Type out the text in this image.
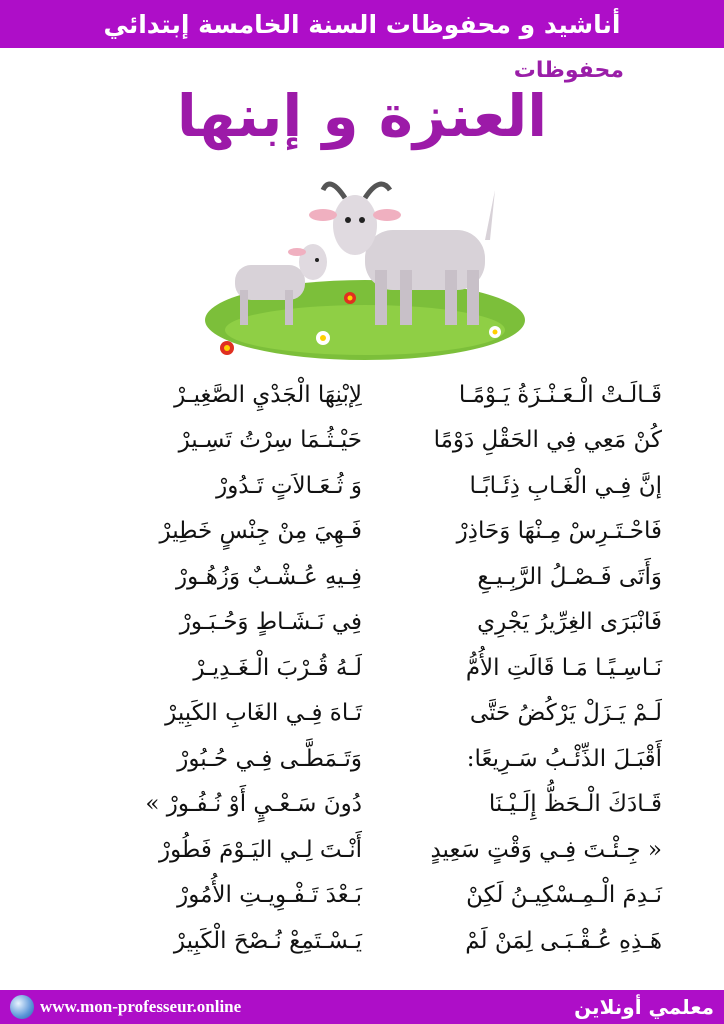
أناشيد و محفوظات السنة الخامسة إبتدائي
محفوظات
العنزة و إبنها
قَـالَـتْ الْـعَـنْـزَةُ يَـوْمًـا
لِإبْنِهَا الْجَدْيِ الصَّغِيـرْ
كُنْ مَعِي فِي الحَقْلِ دَوْمًا
حَيْـثُـمَا سِرْتُ تَسِـيرْ
إنَّ فِـي الْغَـابِ ذِئَـابًـا
وَ ثُـعَـالاَتٍ تَـدُورْ
فَاحْـتَـرِسْ مِـنْهَا وَحَاذِرْ
فَـهِيَ مِنْ جِنْسٍ خَطِيرْ
وَأَتَى فَـصْـلُ الرَّبِـيـعِ
فِـيهِ عُـشْـبٌ وَزُهُـورْ
فَانْبَرَى الغِرِّيرُ يَجْرِي
فِي نَـشَـاطٍ وَحُـبَـورْ
نَـاسِـيًـا مَـا قَالَتِ الأُمُّ
لَـهُ قُـرْبَ الْـغَـدِيـرْ
لَـمْ يَـزَلْ يَرْكُضُ حَتَّى
تَـاهَ فِـي الغَابِ الكَبِيرْ
أَقْبَـلَ الذِّئْـبُ سَـرِيعًا:
وَتَـمَطَّـى فِـي حُـبُورْ
قَـادَكَ الْـحَظُّ إِلَـيْـنَا
دُونَ سَـعْـيٍ أَوْ نُـفُـورْ »
« جِـئْـتَ فِـي وَقْتٍ سَعِيدٍ
أَنْـتَ لِـي اليَـوْمَ فَطُورْ
نَـدِمَ الْـمِـسْكِيـنُ لَكِنْ
بَـعْدَ تَـفْـوِيـتِ الأُمُورْ
هَـذِهِ عُـقْـبَـى لِمَنْ لَمْ
يَـسْـتَمِعْ نُـصْحَ الْكَبِيرْ
www.mon-professeur.online	معلمي أونلاين
